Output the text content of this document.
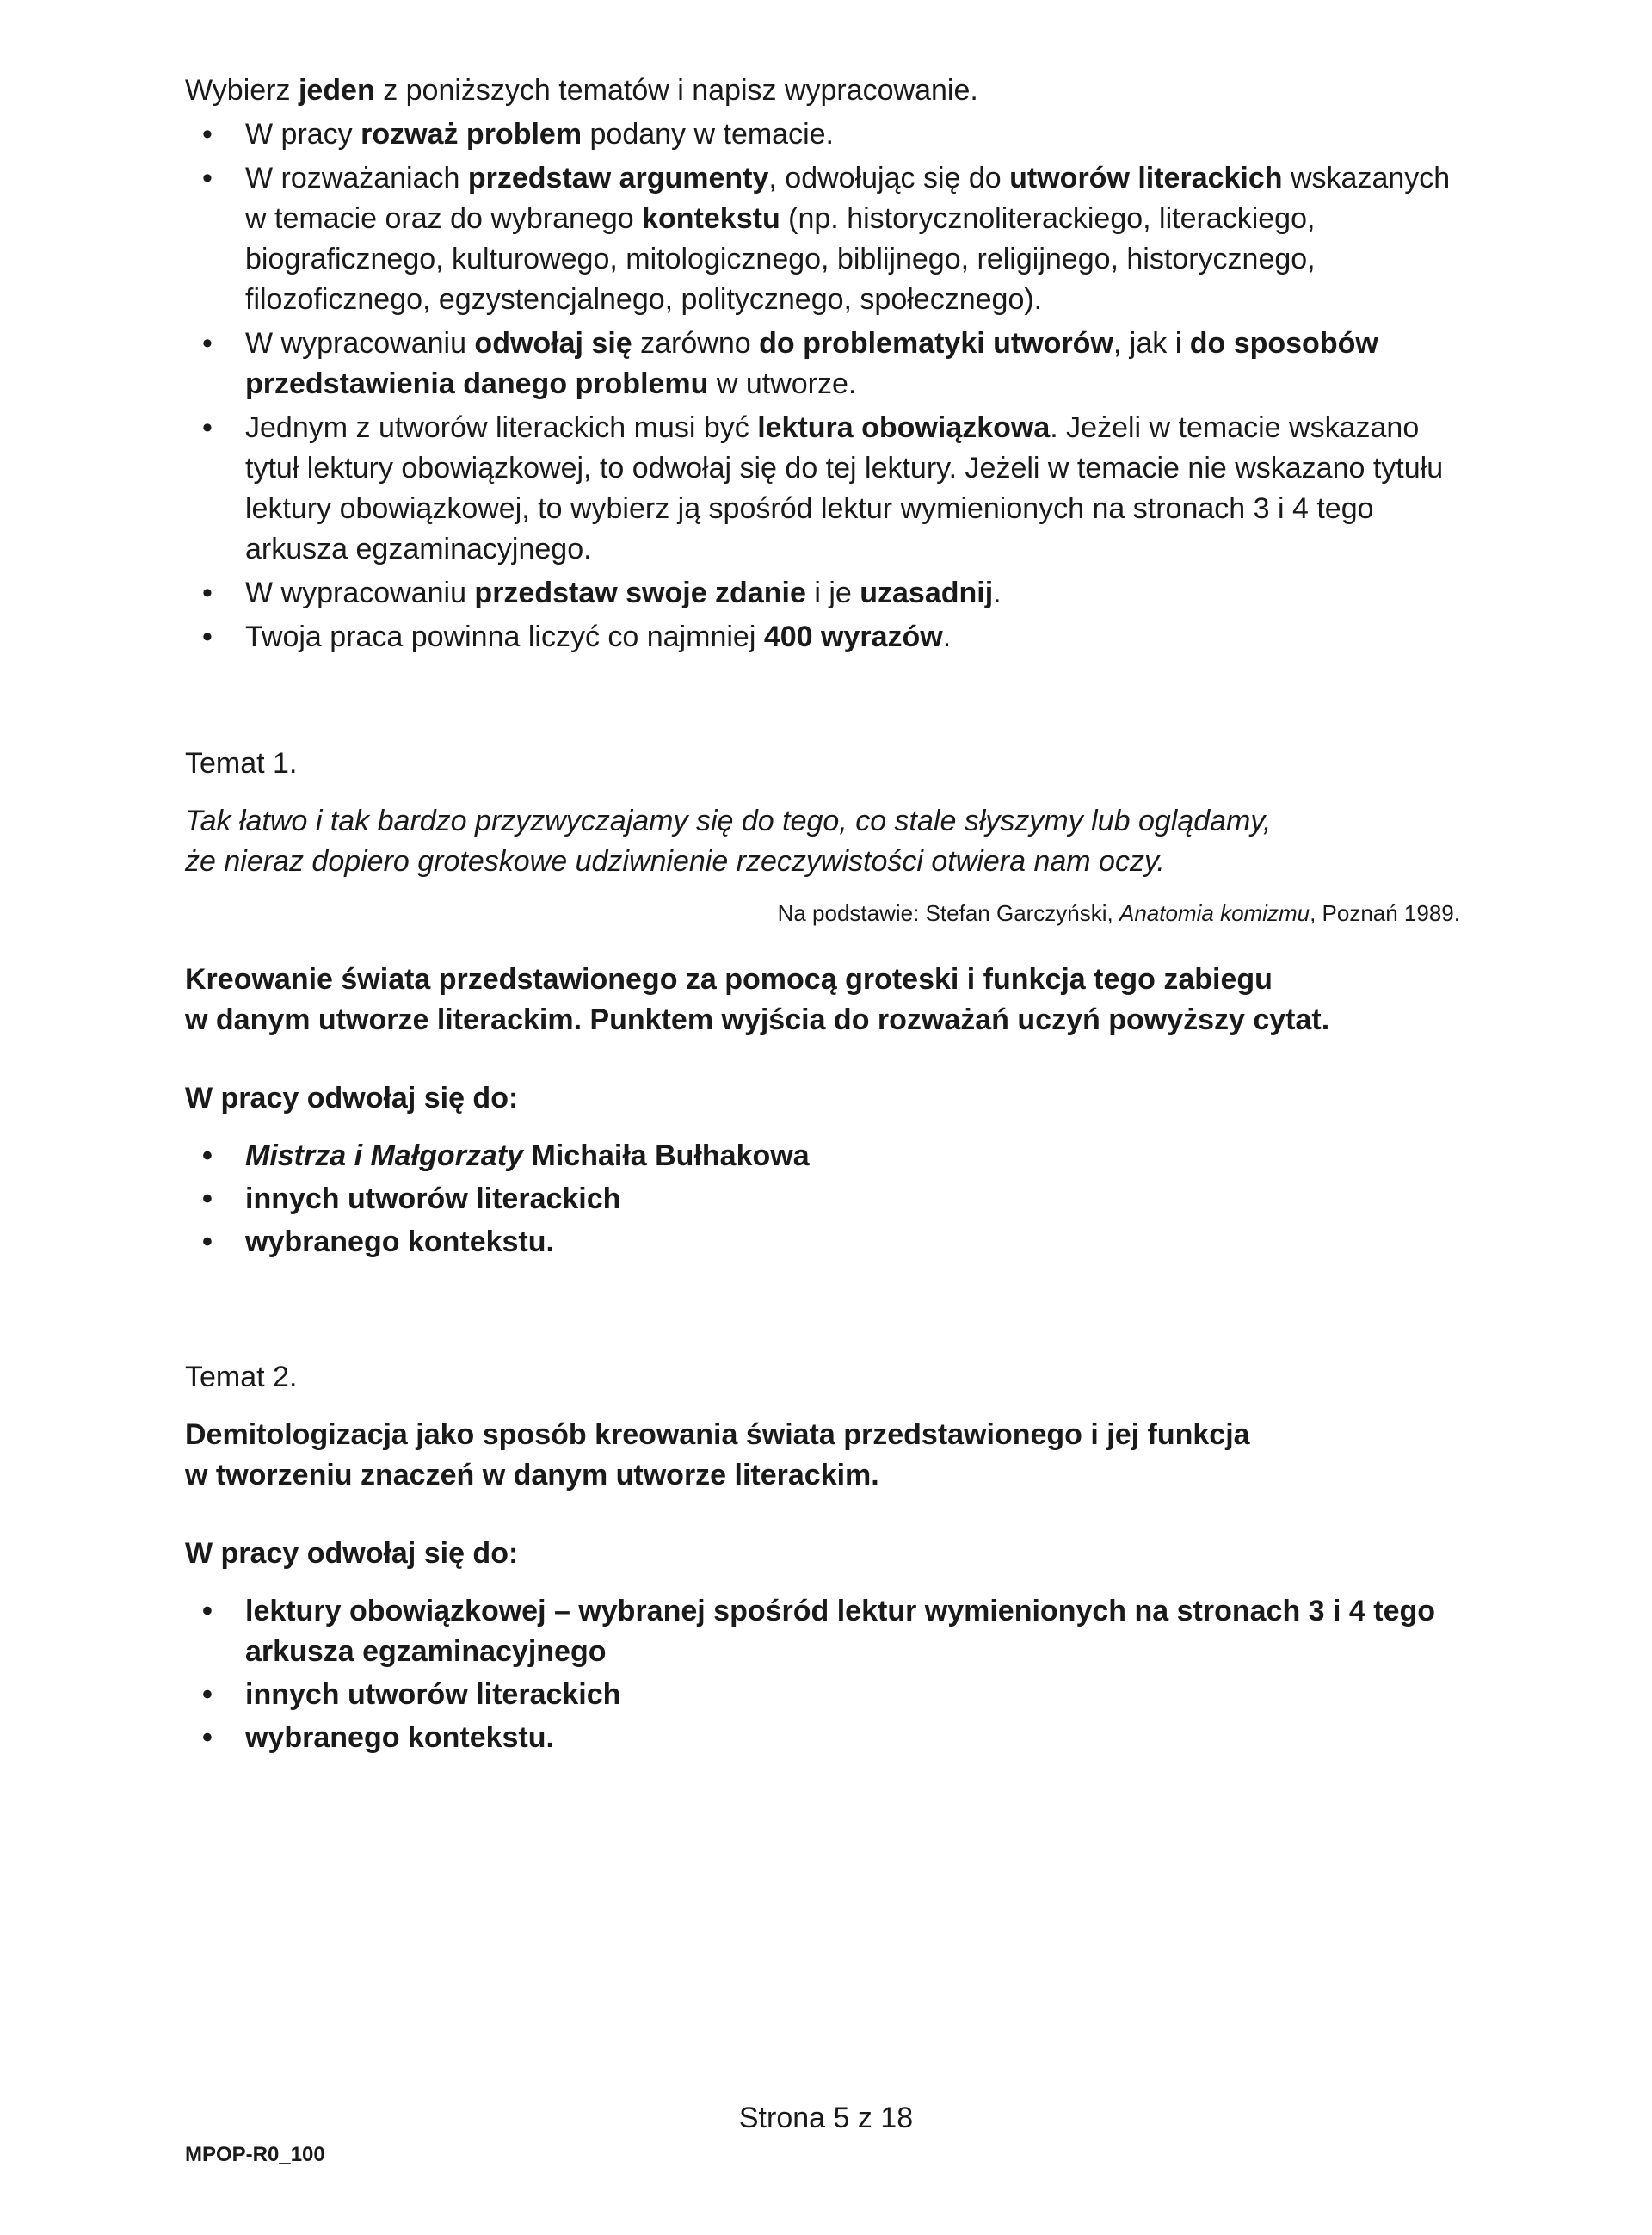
Wybierz jeden z poniższych tematów i napisz wypracowanie.

• W pracy rozważ problem podany w temacie.
• W rozważaniach przedstaw argumenty, odwołując się do utworów literackich wskazanych w temacie oraz do wybranego kontekstu (np. historycznoliterackiego, literackiego, biograficznego, kulturowego, mitologicznego, biblijnego, religijnego, historycznego, filozoficznego, egzystencjalnego, politycznego, społecznego).
• W wypracowaniu odwołaj się zarówno do problematyki utworów, jak i do sposobów przedstawienia danego problemu w utworze.
• Jednym z utworów literackich musi być lektura obowiązkowa. Jeżeli w temacie wskazano tytuł lektury obowiązkowej, to odwołaj się do tej lektury. Jeżeli w temacie nie wskazano tytułu lektury obowiązkowej, to wybierz ją spośród lektur wymienionych na stronach 3 i 4 tego arkusza egzaminacyjnego.
• W wypracowaniu przedstaw swoje zdanie i je uzasadnij.
• Twoja praca powinna liczyć co najmniej 400 wyrazów.

Temat 1.

Tak łatwo i tak bardzo przyzwyczajamy się do tego, co stale słyszymy lub oglądamy,

że nieraz dopiero groteskowe udziwnienie rzeczywistości otwiera nam oczy.

Na podstawie: Stefan Garczyński, Anatomia komizmu, Poznań 1989.

Kreowanie świata przedstawionego za pomocą groteski i funkcja tego zabiegu

w danym utworze literackim. Punktem wyjścia do rozważań uczyń powyższy cytat.

W pracy odwołaj się do:

• Mistrza i Małgorzaty Michaiła Bułhakowa
• innych utworów literackich
• wybranego kontekstu.

Temat 2.

Demitologizacja jako sposób kreowania świata przedstawionego i jej funkcja

w tworzeniu znaczeń w danym utworze literackim.

W pracy odwołaj się do:

• lektury obowiązkowej – wybranej spośród lektur wymienionych na stronach 3 i 4 tego arkusza egzaminacyjnego
• innych utworów literackich
• wybranego kontekstu.
Strona 5 z 18
MPOP-R0_100
